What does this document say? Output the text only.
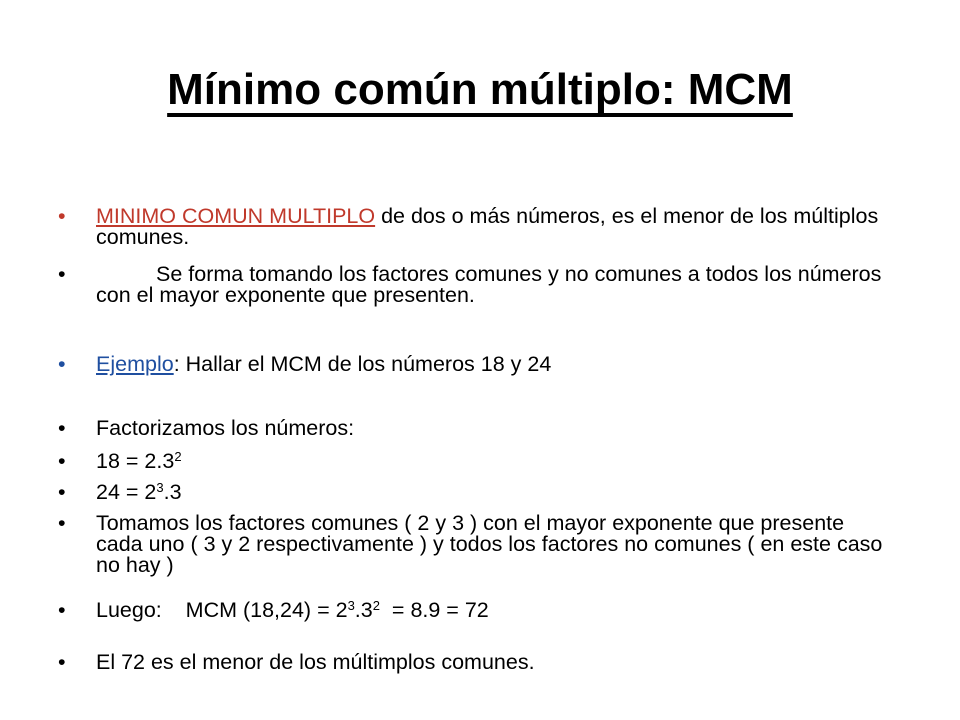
Mínimo común múltiplo: MCM
• MINIMO COMUN MULTIPLO de dos o más números, es el menor de los múltiplos comunes.
•	Se forma tomando los factores comunes y no comunes a todos los números con el mayor exponente que presenten.
• Ejemplo: Hallar el MCM de los números 18 y 24
• Factorizamos los números:
• $18 = 2.3^2$
• $24 = 2^3.3$
• Tomamos los factores comunes ( 2 y 3 ) con el mayor exponente que presente cada uno ( 3 y 2 respectivamente ) y todos los factores no comunes ( en este caso no hay )
• Luego:    MCM $(18,24) = 2^3.3^2 = 8.9 = 72$
• El 72 es el menor de los múltimplos comunes.
